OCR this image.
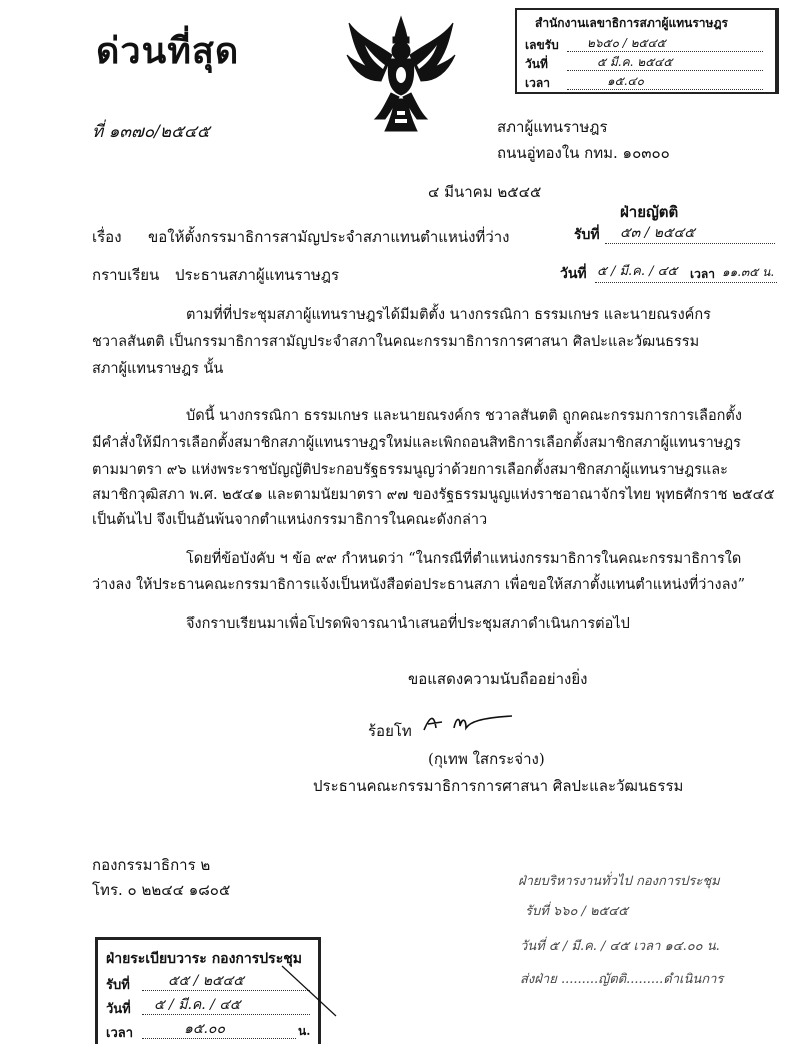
ด่วนที่สุด
ที่ ๑๓๗๐/๒๕๔๕
สำนักงานเลขาธิการสภาผู้แทนราษฎร
เลขรับ ๒๖๕๐ / ๒๕๔๕
วันที่	๕ มี.ค. ๒๕๔๕
เวลา	๑๕.๔๐
สภาผู้แทนราษฎร
ถนนอู่ทองใน กทม. ๑๐๓๐๐
๔ มีนาคม ๒๕๔๕
ฝ่ายญัตติ
รับที่ ๕๓ / ๒๕๔๕
วันที่ ๕ / มี.ค. / ๔๕ เวลา ๑๑.๓๕ น.
เรื่อง ขอให้ตั้งกรรมาธิการสามัญประจำสภาแทนตำแหน่งที่ว่าง
กราบเรียน ประธานสภาผู้แทนราษฎร
ตามที่ที่ประชุมสภาผู้แทนราษฎรได้มีมติตั้ง นางกรรณิกา ธรรมเกษร และนายณรงค์กร
ชวาลสันตติ เป็นกรรมาธิการสามัญประจำสภาในคณะกรรมาธิการการศาสนา ศิลปะและวัฒนธรรม
สภาผู้แทนราษฎร นั้น
บัดนี้ นางกรรณิกา ธรรมเกษร และนายณรงค์กร ชวาลสันตติ ถูกคณะกรรมการการเลือกตั้ง
มีคำสั่งให้มีการเลือกตั้งสมาชิกสภาผู้แทนราษฎรใหม่และเพิกถอนสิทธิการเลือกตั้งสมาชิกสภาผู้แทนราษฎร
ตามมาตรา ๙๖ แห่งพระราชบัญญัติประกอบรัฐธรรมนูญว่าด้วยการเลือกตั้งสมาชิกสภาผู้แทนราษฎรและ
สมาชิกวุฒิสภา พ.ศ. ๒๕๔๑ และตามนัยมาตรา ๙๗ ของรัฐธรรมนูญแห่งราชอาณาจักรไทย พุทธศักราช ๒๕๔๕
เป็นต้นไป จึงเป็นอันพ้นจากตำแหน่งกรรมาธิการในคณะดังกล่าว
โดยที่ข้อบังคับ ฯ ข้อ ๙๙ กำหนดว่า “ในกรณีที่ตำแหน่งกรรมาธิการในคณะกรรมาธิการใด
ว่างลง ให้ประธานคณะกรรมาธิการแจ้งเป็นหนังสือต่อประธานสภา เพื่อขอให้สภาตั้งแทนตำแหน่งที่ว่างลง”
จึงกราบเรียนมาเพื่อโปรดพิจารณานำเสนอที่ประชุมสภาดำเนินการต่อไป
ขอแสดงความนับถืออย่างยิ่ง
ร้อยโท
(กุเทพ ใสกระจ่าง)
ประธานคณะกรรมาธิการการศาสนา ศิลปะและวัฒนธรรม
กองกรรมาธิการ ๒
โทร. ๐ ๒๒๔๔ ๑๘๐๕	ฝ่ายบริหารงานทั่วไป กองการประชุม
รับที่ ๖๖๐ / ๒๕๔๕
วันที่ ๕ / มี.ค. / ๔๕ เวลา ๑๔.๐๐ น.
ส่งฝ่าย .........ญัตติ.........ดำเนินการ
ฝ่ายระเบียบวาระ กองการประชุม
รับที่	๕๕ / ๒๕๔๕
วันที่ ๕ / มี.ค. / ๔๕
เวลา	๑๕.๐๐	น.
